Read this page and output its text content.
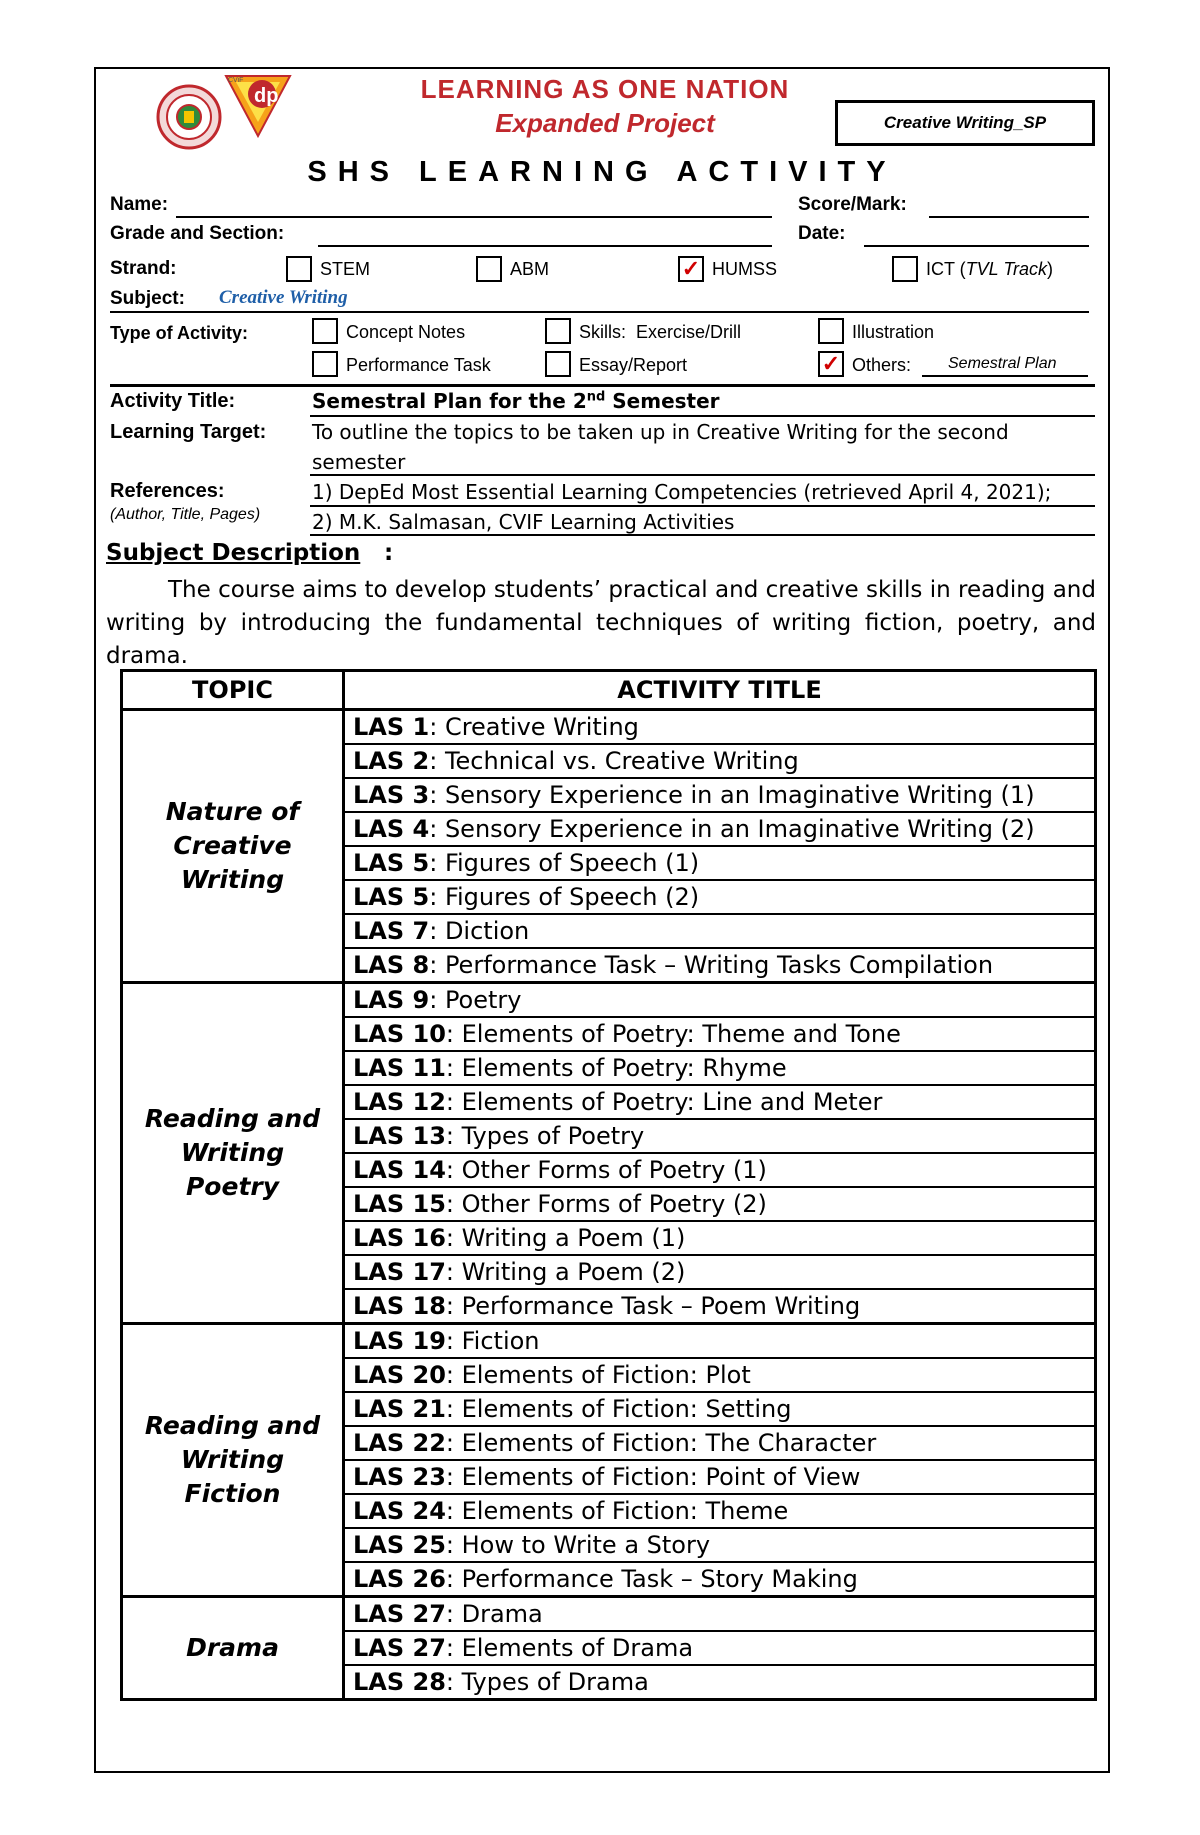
dp
CViF	LEARNING AS ONE NATION
Expanded Project	Creative Writing_SP
SHS LEARNING ACTIVITY
Name:	Score/Mark:
Grade and Section:	Date:
Strand:	STEM	ABM	✓ HUMSS	ICT (TVL Track)
Subject: Creative Writing
Type of Activity:	Concept Notes	Skills:  Exercise/Drill	Illustration
Performance Task	Essay/Report	✓ Others: Semestral Plan
Activity Title:	Semestral Plan for the 2nd Semester
Learning Target: To outline the topics to be taken up in Creative Writing for the second
semester
References:
(Author, Title, Pages)
1) DepEd Most Essential Learning Competencies (retrieved April 4, 2021);
2) M.K. Salmasan, CVIF Learning Activities
Subject Description :
The course aims to develop students’ practical and creative skills in reading and writing by introducing the fundamental techniques of writing fiction, poetry, and drama.
TOPIC	ACTIVITY TITLE
Nature of Creative Writing	LAS 1: Creative Writing
	LAS 2: Technical vs. Creative Writing
	LAS 3: Sensory Experience in an Imaginative Writing (1)
	LAS 4: Sensory Experience in an Imaginative Writing (2)
	LAS 5: Figures of Speech (1)
	LAS 5: Figures of Speech (2)
	LAS 7: Diction
	LAS 8: Performance Task – Writing Tasks Compilation
Reading and Writing Poetry	LAS 9: Poetry
	LAS 10: Elements of Poetry: Theme and Tone
	LAS 11: Elements of Poetry: Rhyme
	LAS 12: Elements of Poetry: Line and Meter
	LAS 13: Types of Poetry
	LAS 14: Other Forms of Poetry (1)
	LAS 15: Other Forms of Poetry (2)
	LAS 16: Writing a Poem (1)
	LAS 17: Writing a Poem (2)
	LAS 18: Performance Task – Poem Writing
Reading and Writing Fiction	LAS 19: Fiction
	LAS 20: Elements of Fiction: Plot
	LAS 21: Elements of Fiction: Setting
	LAS 22: Elements of Fiction: The Character
	LAS 23: Elements of Fiction: Point of View
	LAS 24: Elements of Fiction: Theme
	LAS 25: How to Write a Story
	LAS 26: Performance Task – Story Making
Drama	LAS 27: Drama
	LAS 27: Elements of Drama
	LAS 28: Types of Drama
